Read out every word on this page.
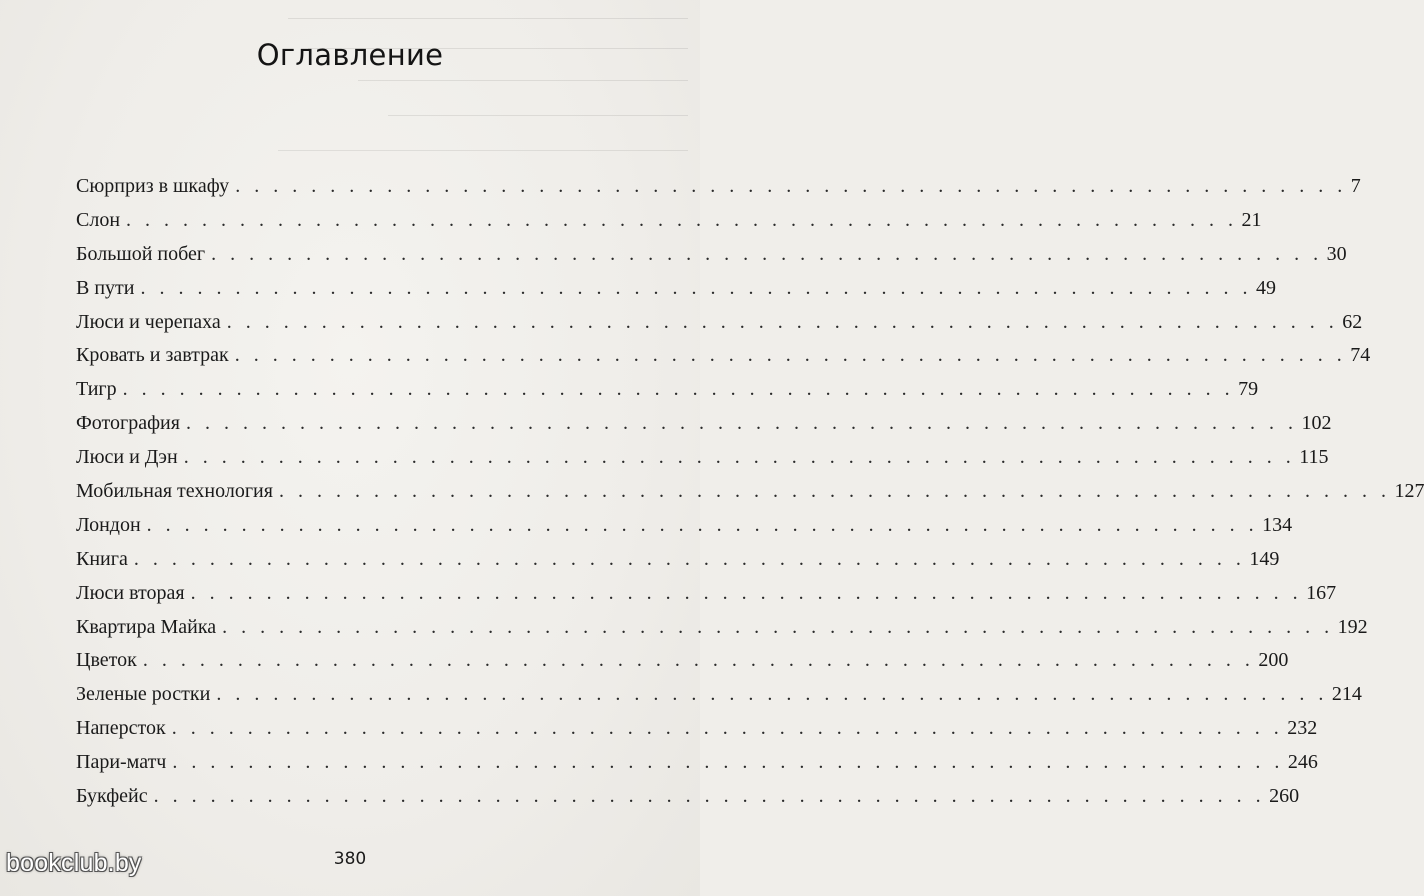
Оглавление
Сюрприз в шкафу . . . . . . . . . . . . . . . . . . . . . . . . . . . . . . . . . . . . . . . . . . . . . . . . . . . . . . . . . . . 7
Слон . . . . . . . . . . . . . . . . . . . . . . . . . . . . . . . . . . . . . . . . . . . . . . . . . . . . . . . . . . . 21
Большой побег . . . . . . . . . . . . . . . . . . . . . . . . . . . . . . . . . . . . . . . . . . . . . . . . . . . . . . . . . . . 30
В пути . . . . . . . . . . . . . . . . . . . . . . . . . . . . . . . . . . . . . . . . . . . . . . . . . . . . . . . . . . . 49
Люси и черепаха . . . . . . . . . . . . . . . . . . . . . . . . . . . . . . . . . . . . . . . . . . . . . . . . . . . . . . . . . . . 62
Кровать и завтрак . . . . . . . . . . . . . . . . . . . . . . . . . . . . . . . . . . . . . . . . . . . . . . . . . . . . . . . . . . . 74
Тигр . . . . . . . . . . . . . . . . . . . . . . . . . . . . . . . . . . . . . . . . . . . . . . . . . . . . . . . . . . . 79
Фотография . . . . . . . . . . . . . . . . . . . . . . . . . . . . . . . . . . . . . . . . . . . . . . . . . . . . . . . . . . . 102
Люси и Дэн . . . . . . . . . . . . . . . . . . . . . . . . . . . . . . . . . . . . . . . . . . . . . . . . . . . . . . . . . . . 115
Мобильная технология . . . . . . . . . . . . . . . . . . . . . . . . . . . . . . . . . . . . . . . . . . . . . . . . . . . . . . . . . . . 127
Лондон . . . . . . . . . . . . . . . . . . . . . . . . . . . . . . . . . . . . . . . . . . . . . . . . . . . . . . . . . . . 134
Книга . . . . . . . . . . . . . . . . . . . . . . . . . . . . . . . . . . . . . . . . . . . . . . . . . . . . . . . . . . . 149
Люси вторая . . . . . . . . . . . . . . . . . . . . . . . . . . . . . . . . . . . . . . . . . . . . . . . . . . . . . . . . . . . 167
Квартира Майка . . . . . . . . . . . . . . . . . . . . . . . . . . . . . . . . . . . . . . . . . . . . . . . . . . . . . . . . . . . 192
Цветок . . . . . . . . . . . . . . . . . . . . . . . . . . . . . . . . . . . . . . . . . . . . . . . . . . . . . . . . . . . 200
Зеленые ростки . . . . . . . . . . . . . . . . . . . . . . . . . . . . . . . . . . . . . . . . . . . . . . . . . . . . . . . . . . . 214
Наперсток . . . . . . . . . . . . . . . . . . . . . . . . . . . . . . . . . . . . . . . . . . . . . . . . . . . . . . . . . . . 232
Пари-матч . . . . . . . . . . . . . . . . . . . . . . . . . . . . . . . . . . . . . . . . . . . . . . . . . . . . . . . . . . . 246
Букфейс . . . . . . . . . . . . . . . . . . . . . . . . . . . . . . . . . . . . . . . . . . . . . . . . . . . . . . . . . . . 260
380
bookclub.by
